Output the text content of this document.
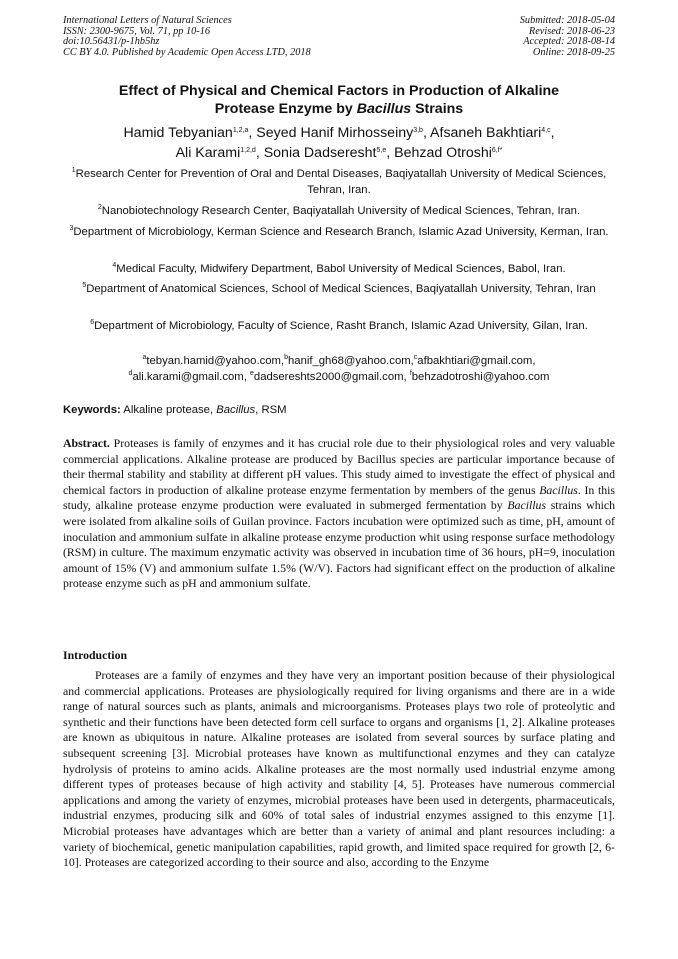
International Letters of Natural Sciences
ISSN: 2300-9675, Vol. 71, pp 10-16
doi:10.56431/p-1hb5hz
CC BY 4.0. Published by Academic Open Access LTD, 2018
Submitted: 2018-05-04
Revised: 2018-06-23
Accepted: 2018-08-14
Online: 2018-09-25
Effect of Physical and Chemical Factors in Production of Alkaline
Protease Enzyme by Bacillus Strains
Hamid Tebyanian$^{1,2,a}$, Seyed Hanif Mirhosseiny$^{3,b}$, Afsaneh Bakhtiari$^{4,c}$,
Ali Karami$^{1,2,d}$, Sonia Dadseresht$^{5,e}$, Behzad Otroshi$^{6,f*}$
$^1$Research Center for Prevention of Oral and Dental Diseases, Baqiyatallah University of Medical Sciences, Tehran, Iran.
$^2$Nanobiotechnology Research Center, Baqiyatallah University of Medical Sciences, Tehran, Iran.
$^3$Department of Microbiology, Kerman Science and Research Branch, Islamic Azad University, Kerman, Iran.
$^4$Medical Faculty, Midwifery Department, Babol University of Medical Sciences, Babol, Iran.
$^5$Department of Anatomical Sciences, School of Medical Sciences, Baqiyatallah University, Tehran, Iran
$^6$Department of Microbiology, Faculty of Science, Rasht Branch, Islamic Azad University, Gilan, Iran.
$^a$tebyan.hamid@yahoo.com,$^b$hanif_gh68@yahoo.com,$^c$afbakhtiari@gmail.com,
$^d$ali.karami@gmail.com, $^e$dadsereshts2000@gmail.com, $^f$behzadotroshi@yahoo.com
Keywords: Alkaline protease, Bacillus, RSM
Abstract. Proteases is family of enzymes and it has crucial role due to their physiological roles and very valuable commercial applications. Alkaline protease are produced by Bacillus species are particular importance because of their thermal stability and stability at different pH values. This study aimed to investigate the effect of physical and chemical factors in production of alkaline protease enzyme fermentation by members of the genus Bacillus. In this study, alkaline protease enzyme production were evaluated in submerged fermentation by Bacillus strains which were isolated from alkaline soils of Guilan province. Factors incubation were optimized such as time, pH, amount of inoculation and ammonium sulfate in alkaline protease enzyme production whit using response surface methodology (RSM) in culture. The maximum enzymatic activity was observed in incubation time of 36 hours, pH=9, inoculation amount of 15% (V) and ammonium sulfate 1.5% (W/V). Factors had significant effect on the production of alkaline protease enzyme such as pH and ammonium sulfate.
Introduction
Proteases are a family of enzymes and they have very an important position because of their physiological and commercial applications. Proteases are physiologically required for living organisms and there are in a wide range of natural sources such as plants, animals and microorganisms. Proteases plays two role of proteolytic and synthetic and their functions have been detected form cell surface to organs and organisms [1, 2]. Alkaline proteases are known as ubiquitous in nature. Alkaline proteases are isolated from several sources by surface plating and subsequent screening [3]. Microbial proteases have known as multifunctional enzymes and they can catalyze hydrolysis of proteins to amino acids. Alkaline proteases are the most normally used industrial enzyme among different types of proteases because of high activity and stability [4, 5]. Proteases have numerous commercial applications and among the variety of enzymes, microbial proteases have been used in detergents, pharmaceuticals, industrial enzymes, producing silk and 60% of total sales of industrial enzymes assigned to this enzyme [1]. Microbial proteases have advantages which are better than a variety of animal and plant resources including: a variety of biochemical, genetic manipulation capabilities, rapid growth, and limited space required for growth [2, 6-10]. Proteases are categorized according to their source and also, according to the Enzyme
